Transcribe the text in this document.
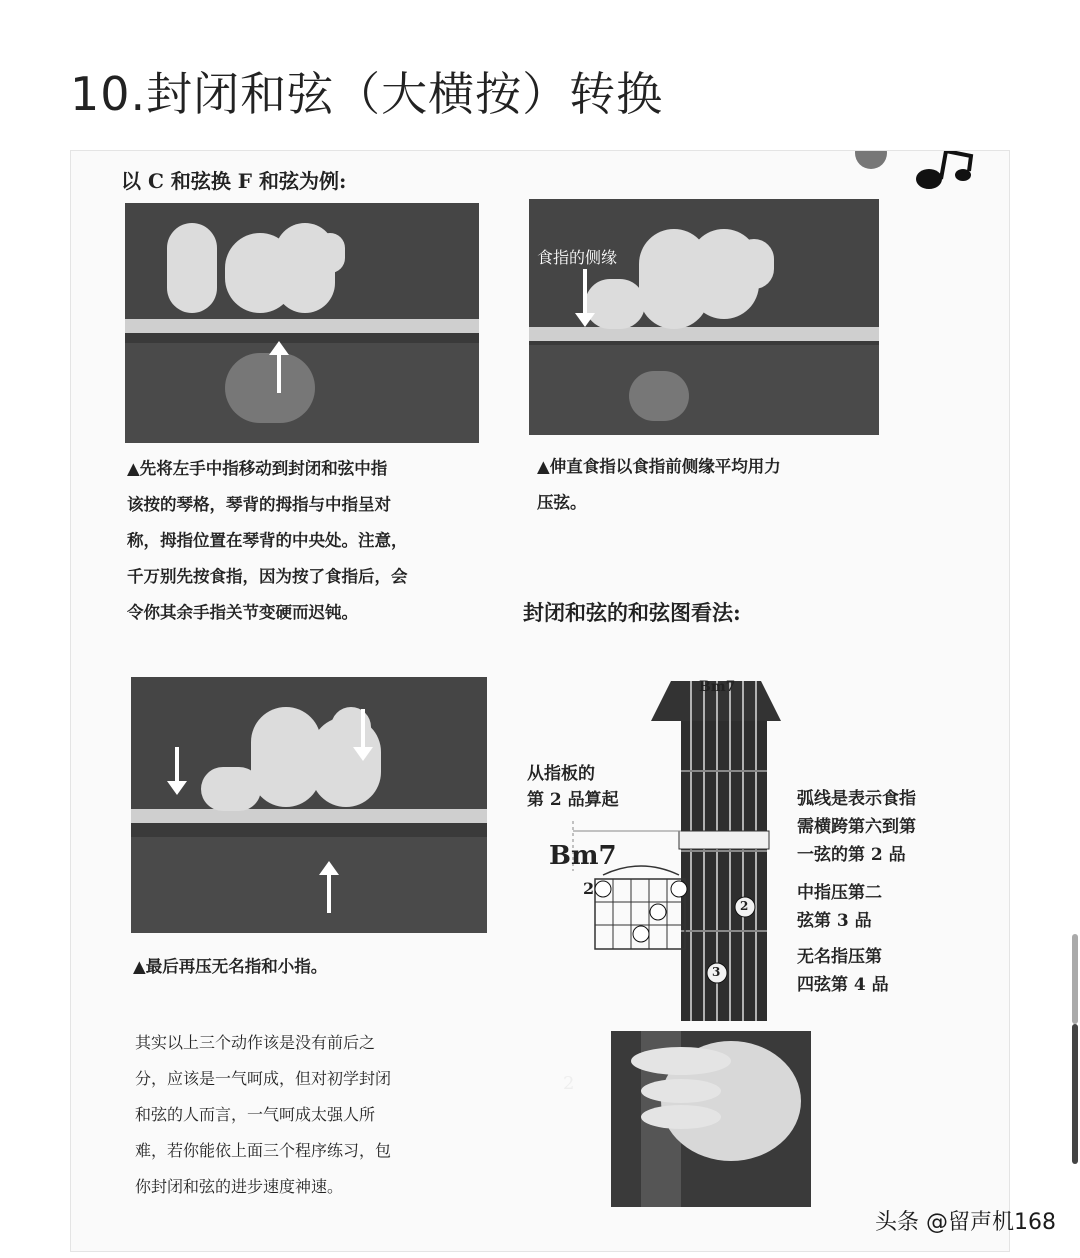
10.封闭和弦（大横按）转换
以 C 和弦换 F 和弦为例:
▲先将左手中指移动到封闭和弦中指
该按的琴格，琴背的拇指与中指呈对
称，拇指位置在琴背的中央处。注意，
千万别先按食指，因为按了食指后，会
令你其余手指关节变硬而迟钝。
食指的侧缘
▲伸直食指以食指前侧缘平均用力
压弦。
封闭和弦的和弦图看法:
▲最后再压无名指和小指。
其实以上三个动作该是没有前后之
分，应该是一气呵成，但对初学封闭
和弦的人而言，一气呵成太强人所
难，若你能依上面三个程序练习，包
你封闭和弦的进步速度神速。
Bm7
Bm7
2
从指板的
第 2 品算起	弧线是表示食指
需横跨第六到第
一弦的第 2 品
中指压第二
弦第 3 品
无名指压第
四弦第 4 品
2
3
2
头条 @留声机168
